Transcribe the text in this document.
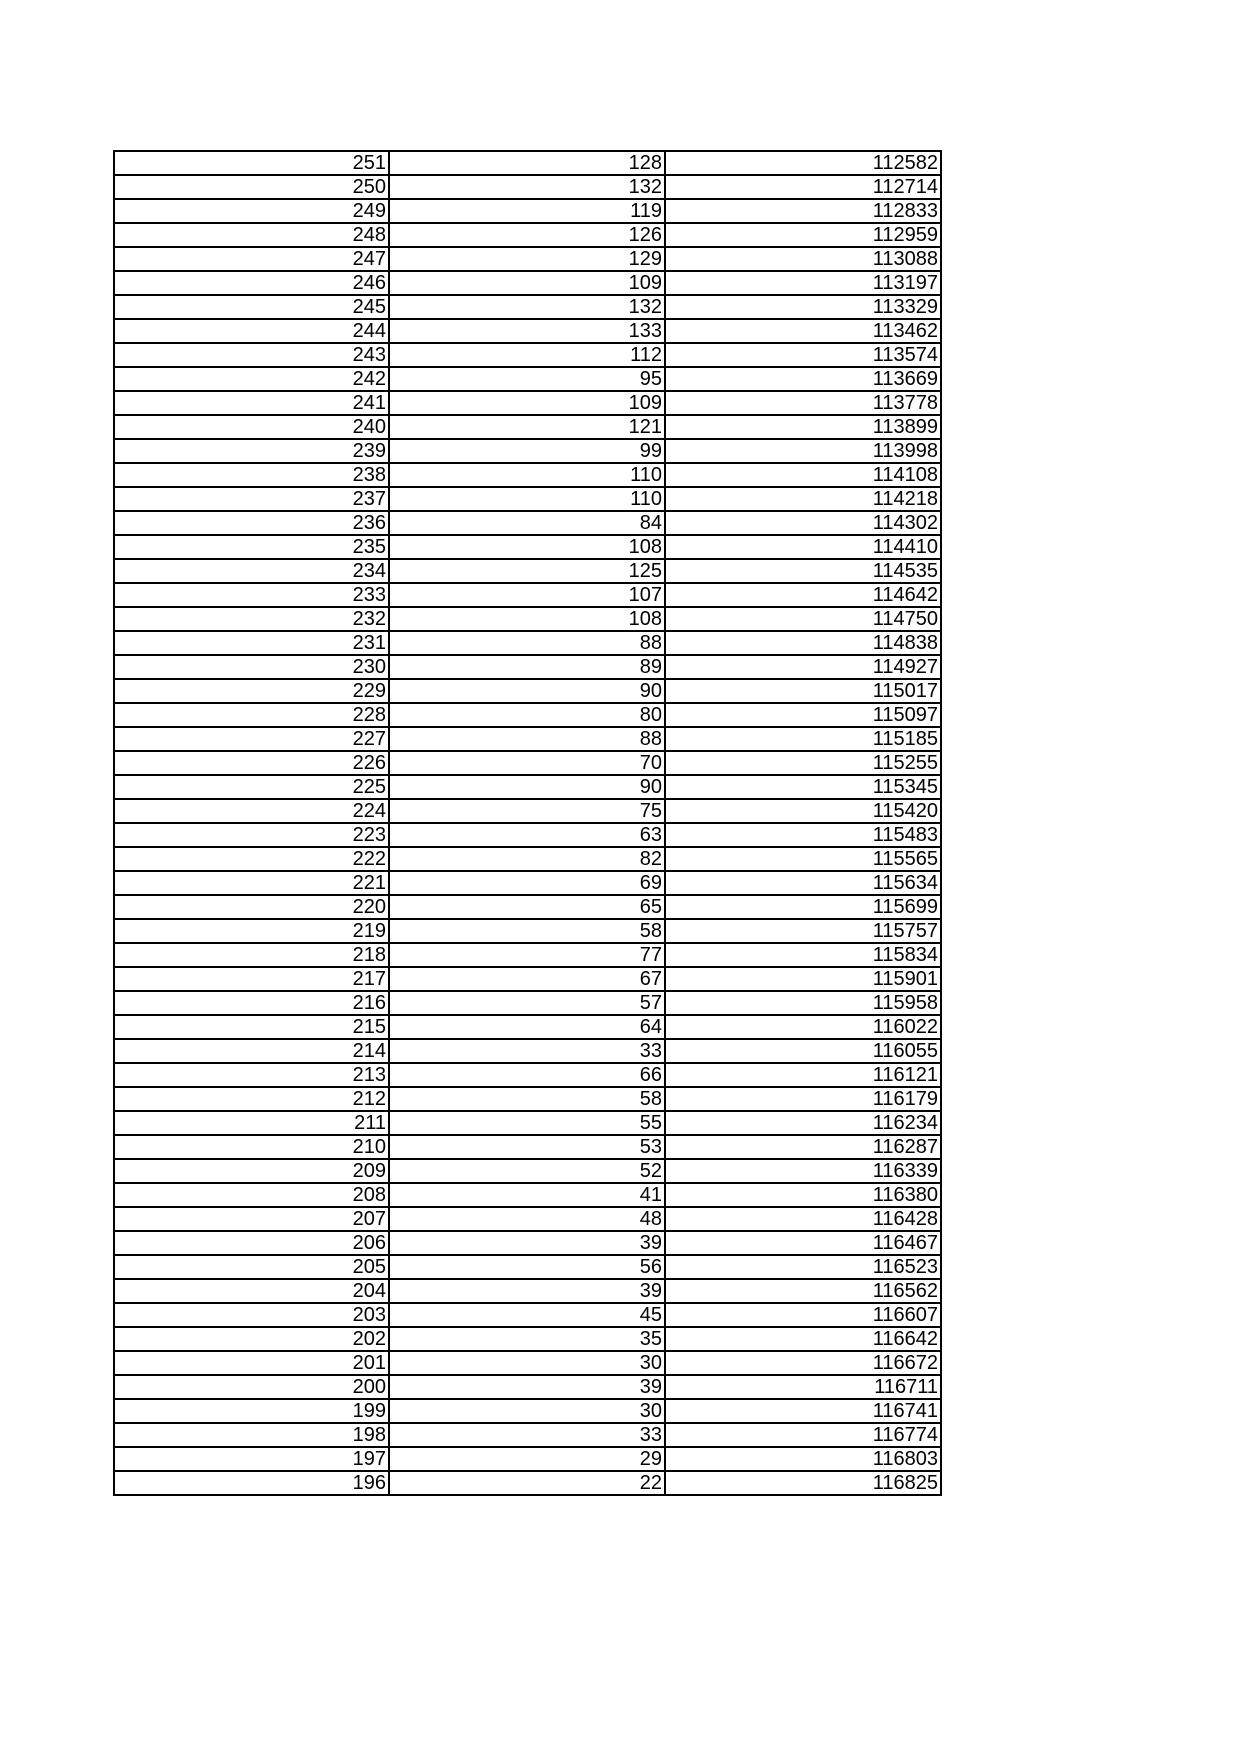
251	128	112582
250	132	112714
249	119	112833
248	126	112959
247	129	113088
246	109	113197
245	132	113329
244	133	113462
243	112	113574
242	95	113669
241	109	113778
240	121	113899
239	99	113998
238	110	114108
237	110	114218
236	84	114302
235	108	114410
234	125	114535
233	107	114642
232	108	114750
231	88	114838
230	89	114927
229	90	115017
228	80	115097
227	88	115185
226	70	115255
225	90	115345
224	75	115420
223	63	115483
222	82	115565
221	69	115634
220	65	115699
219	58	115757
218	77	115834
217	67	115901
216	57	115958
215	64	116022
214	33	116055
213	66	116121
212	58	116179
211	55	116234
210	53	116287
209	52	116339
208	41	116380
207	48	116428
206	39	116467
205	56	116523
204	39	116562
203	45	116607
202	35	116642
201	30	116672
200	39	116711
199	30	116741
198	33	116774
197	29	116803
196	22	116825
